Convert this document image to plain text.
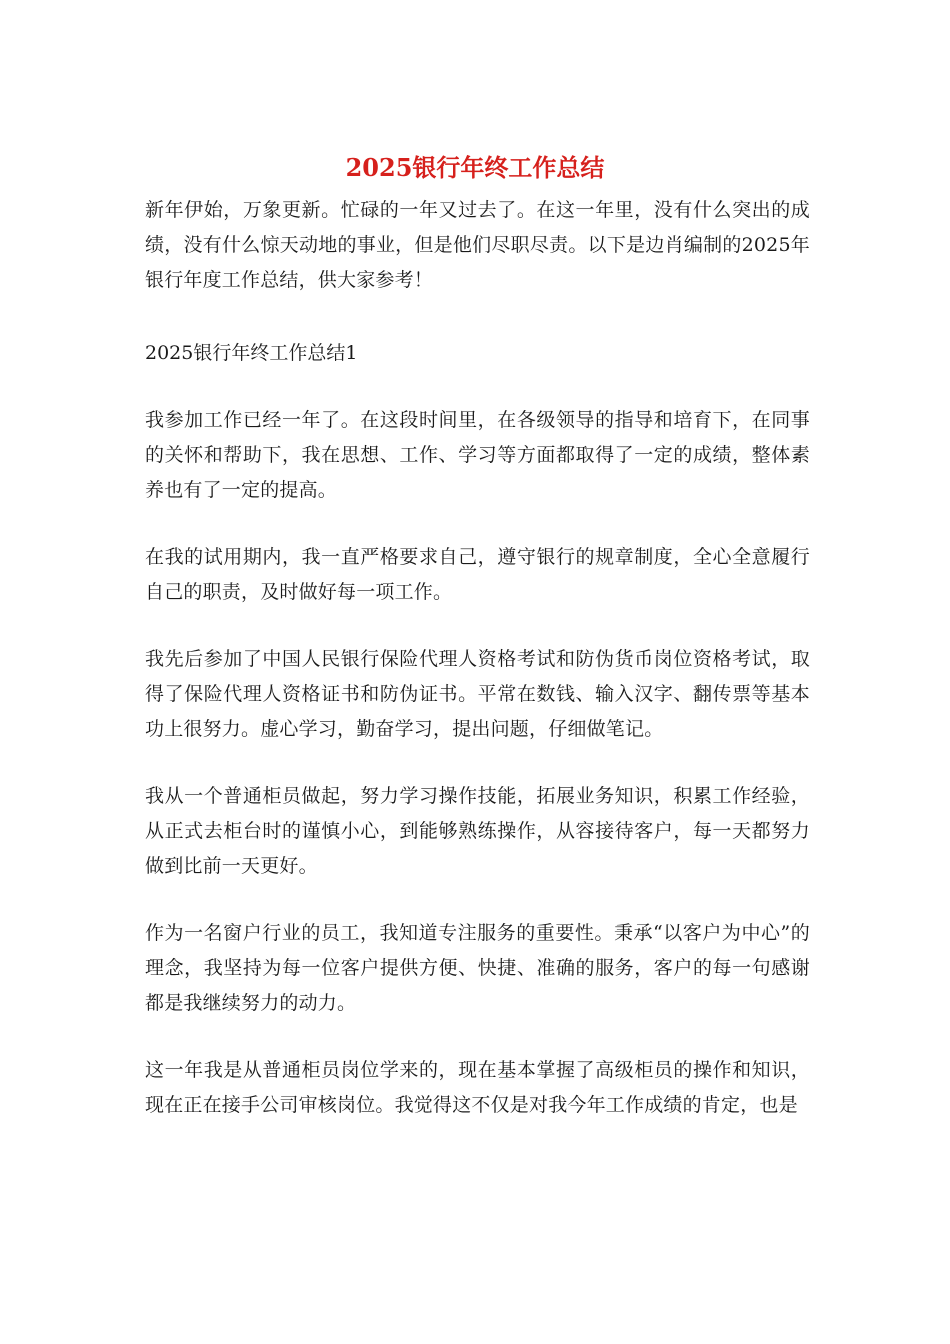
2025银行年终工作总结

新年伊始，万象更新。忙碌的一年又过去了。在这一年里，没有什么突出的成绩，没有什么惊天动地的事业，但是他们尽职尽责。以下是边肖编制的2025年银行年度工作总结，供大家参考！

2025银行年终工作总结1

我参加工作已经一年了。在这段时间里，在各级领导的指导和培育下，在同事的关怀和帮助下，我在思想、工作、学习等方面都取得了一定的成绩，整体素养也有了一定的提高。

在我的试用期内，我一直严格要求自己，遵守银行的规章制度，全心全意履行自己的职责，及时做好每一项工作。

我先后参加了中国人民银行保险代理人资格考试和防伪货币岗位资格考试，取得了保险代理人资格证书和防伪证书。平常在数钱、输入汉字、翻传票等基本功上很努力。虚心学习，勤奋学习，提出问题，仔细做笔记。

我从一个普通柜员做起，努力学习操作技能，拓展业务知识，积累工作经验，从正式去柜台时的谨慎小心，到能够熟练操作，从容接待客户，每一天都努力做到比前一天更好。

作为一名窗户行业的员工，我知道专注服务的重要性。秉承“以客户为中心”的理念，我坚持为每一位客户提供方便、快捷、准确的服务，客户的每一句感谢都是我继续努力的动力。

这一年我是从普通柜员岗位学来的，现在基本掌握了高级柜员的操作和知识，现在正在接手公司审核岗位。我觉得这不仅是对我今年工作成绩的肯定，也是
